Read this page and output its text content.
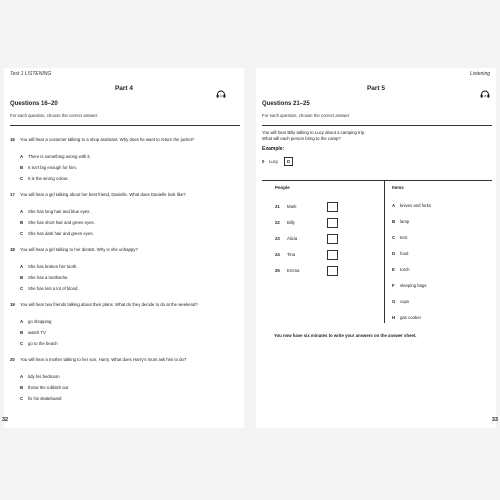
Test 1 LISTENING
Part 4
14
Questions 16–20
For each question, choose the correct answer.
16 You will hear a customer talking to a shop assistant. Why does he want to return the jacket?
A There is something wrong with it.
B It isn't big enough for him.
C It is the wrong colour.
17 You will hear a girl talking about her best friend, Danielle. What does Danielle look like?
A She has long hair and blue eyes.
B She has short hair and green eyes.
C She has dark hair and green eyes.
18 You will hear a girl talking to her dentist. Why is she unhappy?
A She has broken her tooth.
B She has a toothache.
C She has lost a lot of blood.
19 You will hear two friends talking about their plans. What do they decide to do at the weekend?
A go shopping
B watch TV
C go to the beach
20 You will hear a mother talking to her son, Harry. What does Harry's mum ask him to do?
A tidy his bedroom
B throw the rubbish out
C fix his skateboard
32
Listening
Part 5
15
Questions 21–25
For each question, choose the correct answer.
You will hear Billy talking to Lucy about a camping trip.
What will each person bring to the camp?
Example:
0 Lucy	D
People	Items
21 Mark
22 Billy
23 Alicia
24 Tina
25 Emma
A knives and forks
B lamp
C tent
D food
E torch
F sleeping bags
G cups
H gas cooker
You now have six minutes to write your answers on the answer sheet.
33
